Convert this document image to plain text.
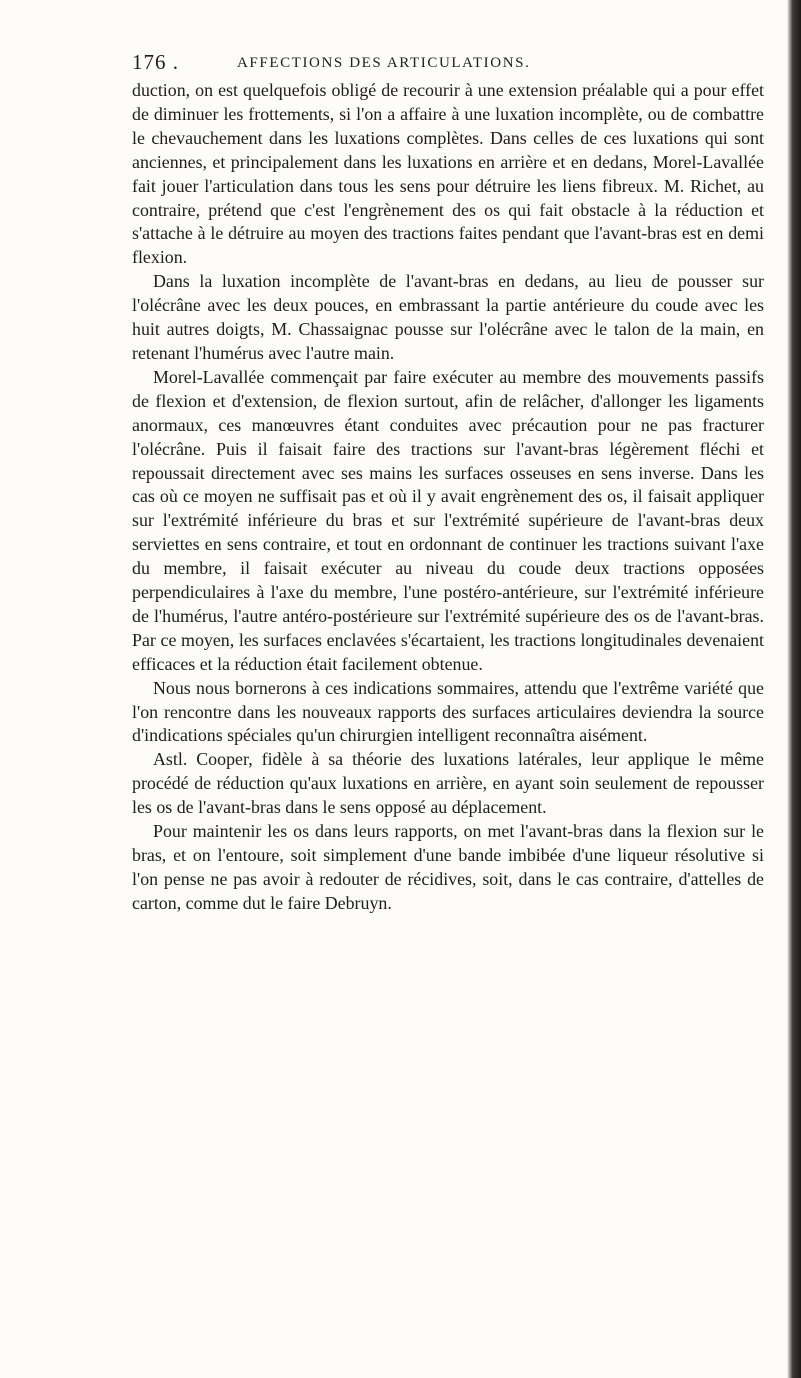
176 .	AFFECTIONS DES ARTICULATIONS.

duction, on est quelquefois obligé de recourir à une extension préalable qui a pour effet de diminuer les frottements, si l'on a affaire à une luxation incomplète, ou de combattre le chevauchement dans les luxations complètes. Dans celles de ces luxations qui sont anciennes, et principalement dans les luxations en arrière et en dedans, Morel-Lavallée fait jouer l'articulation dans tous les sens pour détruire les liens fibreux. M. Richet, au contraire, prétend que c'est l'engrènement des os qui fait obstacle à la réduction et s'attache à le détruire au moyen des tractions faites pendant que l'avant-bras est en demi flexion.

Dans la luxation incomplète de l'avant-bras en dedans, au lieu de pousser sur l'olécrâne avec les deux pouces, en embrassant la partie antérieure du coude avec les huit autres doigts, M. Chassaignac pousse sur l'olécrâne avec le talon de la main, en retenant l'humérus avec l'autre main.

Morel-Lavallée commençait par faire exécuter au membre des mouvements passifs de flexion et d'extension, de flexion surtout, afin de relâcher, d'allonger les ligaments anormaux, ces manœuvres étant conduites avec précaution pour ne pas fracturer l'olécrâne. Puis il faisait faire des tractions sur l'avant-bras légèrement fléchi et repoussait directement avec ses mains les surfaces osseuses en sens inverse. Dans les cas où ce moyen ne suffisait pas et où il y avait engrènement des os, il faisait appliquer sur l'extrémité inférieure du bras et sur l'extrémité supérieure de l'avant-bras deux serviettes en sens contraire, et tout en ordonnant de continuer les tractions suivant l'axe du membre, il faisait exécuter au niveau du coude deux tractions opposées perpendiculaires à l'axe du membre, l'une postéro-antérieure, sur l'extrémité inférieure de l'humérus, l'autre antéro-postérieure sur l'extrémité supérieure des os de l'avant-bras. Par ce moyen, les surfaces enclavées s'écartaient, les tractions longitudinales devenaient efficaces et la réduction était facilement obtenue.

Nous nous bornerons à ces indications sommaires, attendu que l'extrême variété que l'on rencontre dans les nouveaux rapports des surfaces articulaires deviendra la source d'indications spéciales qu'un chirurgien intelligent reconnaîtra aisément.

Astl. Cooper, fidèle à sa théorie des luxations latérales, leur applique le même procédé de réduction qu'aux luxations en arrière, en ayant soin seulement de repousser les os de l'avant-bras dans le sens opposé au déplacement.

Pour maintenir les os dans leurs rapports, on met l'avant-bras dans la flexion sur le bras, et on l'entoure, soit simplement d'une bande imbibée d'une liqueur résolutive si l'on pense ne pas avoir à redouter de récidives, soit, dans le cas contraire, d'attelles de carton, comme dut le faire Debruyn.
